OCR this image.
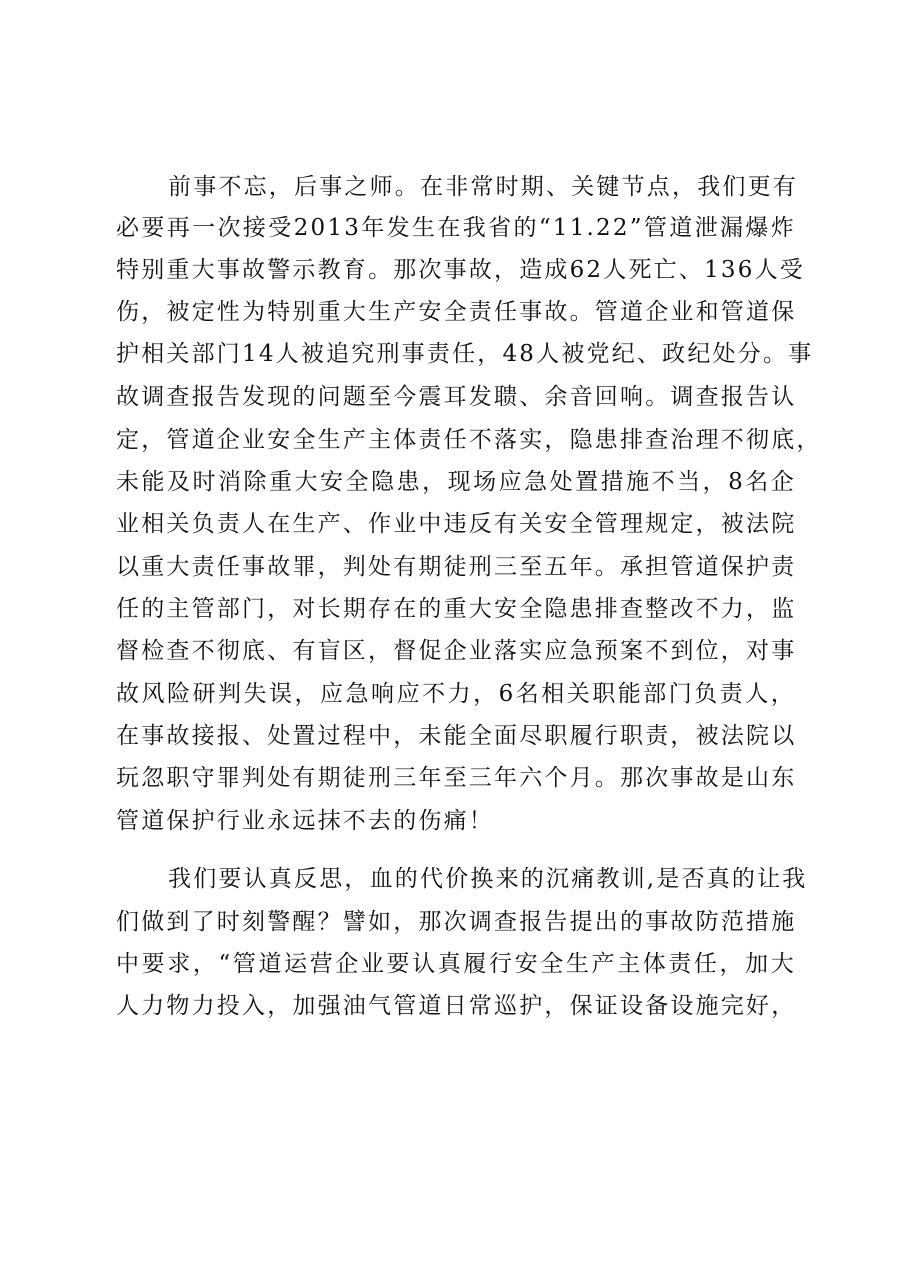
前事不忘，后事之师。在非常时期、关键节点，我们更有
必要再一次接受2013年发生在我省的“11.22”管道泄漏爆炸
特别重大事故警示教育。那次事故，造成62人死亡、136人受
伤，被定性为特别重大生产安全责任事故。管道企业和管道保
护相关部门14人被追究刑事责任，48人被党纪、政纪处分。事
故调查报告发现的问题至今震耳发聩、余音回响。调查报告认
定，管道企业安全生产主体责任不落实，隐患排查治理不彻底，
未能及时消除重大安全隐患，现场应急处置措施不当，8名企
业相关负责人在生产、作业中违反有关安全管理规定，被法院
以重大责任事故罪，判处有期徒刑三至五年。承担管道保护责
任的主管部门，对长期存在的重大安全隐患排查整改不力，监
督检查不彻底、有盲区，督促企业落实应急预案不到位，对事
故风险研判失误，应急响应不力，6名相关职能部门负责人，
在事故接报、处置过程中，未能全面尽职履行职责，被法院以
玩忽职守罪判处有期徒刑三年至三年六个月。那次事故是山东
管道保护行业永远抹不去的伤痛！
我们要认真反思，血的代价换来的沉痛教训,是否真的让我
们做到了时刻警醒？譬如，那次调查报告提出的事故防范措施
中要求，“管道运营企业要认真履行安全生产主体责任，加大
人力物力投入，加强油气管道日常巡护，保证设备设施完好，
